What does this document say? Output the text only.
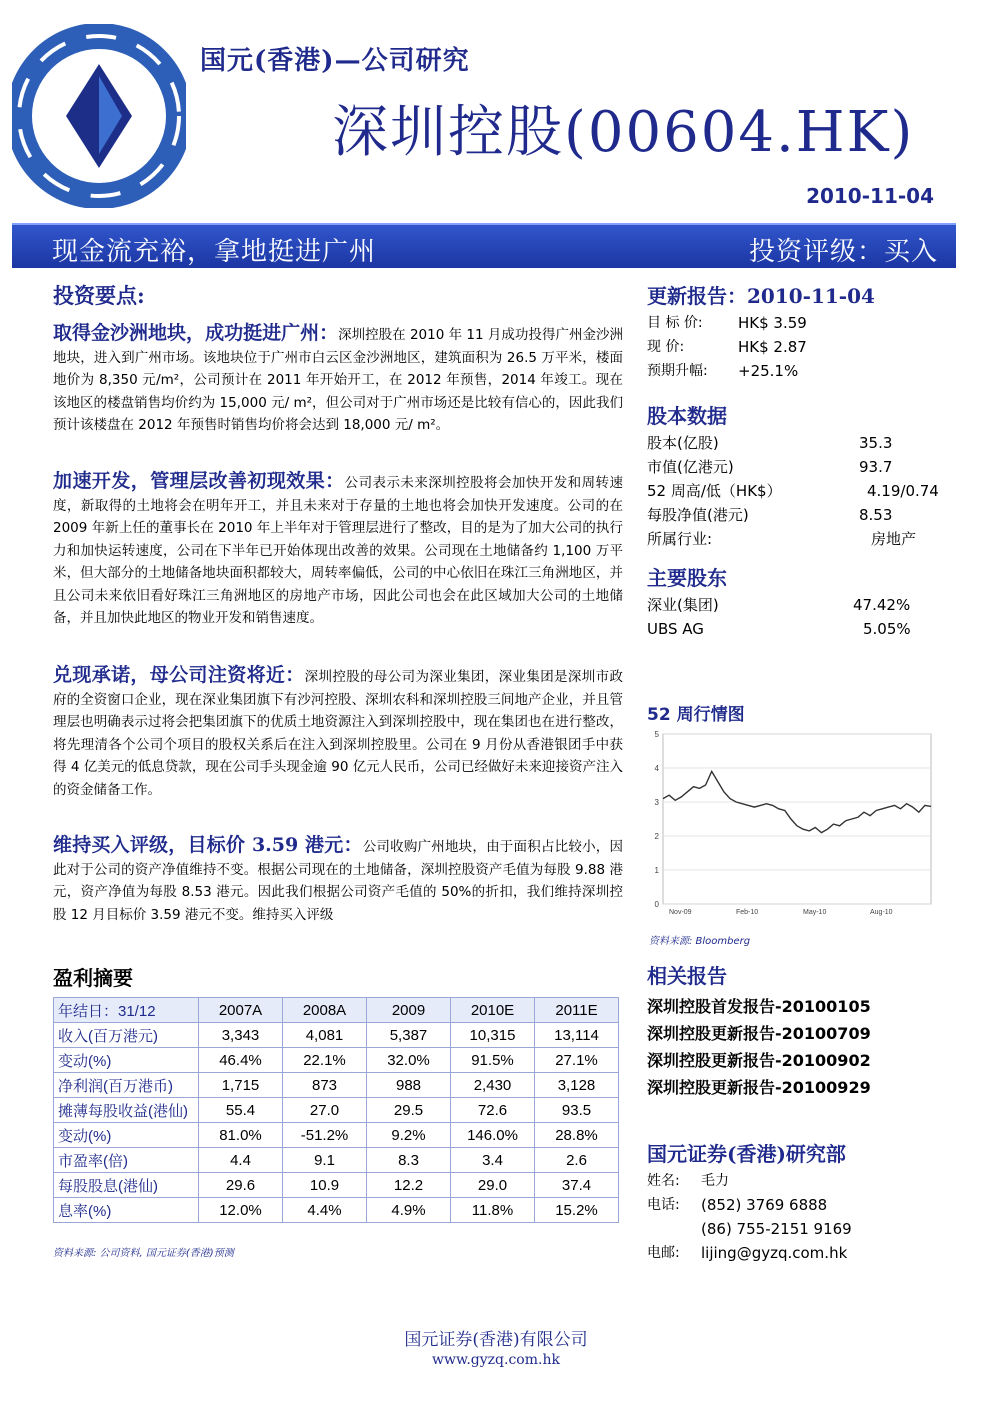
国元(香港)—公司研究
深圳控股(00604.HK)
2010-11-04
现金流充裕，拿地挺进广州	投资评级：买入
投资要点:
取得金沙洲地块，成功挺进广州：深圳控股在 2010 年 11 月成功投得广州金沙洲地块，进入到广州市场。该地块位于广州市白云区金沙洲地区，建筑面积为 26.5 万平米，楼面地价为 8,350 元/m²，公司预计在 2011 年开始开工，在 2012 年预售，2014 年竣工。现在该地区的楼盘销售均价约为 15,000 元/ m²，但公司对于广州市场还是比较有信心的，因此我们预计该楼盘在 2012 年预售时销售均价将会达到 18,000 元/ m²。
加速开发，管理层改善初现效果：公司表示未来深圳控股将会加快开发和周转速度，新取得的土地将会在明年开工，并且未来对于存量的土地也将会加快开发速度。公司的在 2009 年新上任的董事长在 2010 年上半年对于管理层进行了整改，目的是为了加大公司的执行力和加快运转速度，公司在下半年已开始体现出改善的效果。公司现在土地储备约 1,100 万平米，但大部分的土地储备地块面积都较大，周转率偏低，公司的中心依旧在珠江三角洲地区，并且公司未来依旧看好珠江三角洲地区的房地产市场，因此公司也会在此区域加大公司的土地储备，并且加快此地区的物业开发和销售速度。
兑现承诺，母公司注资将近：深圳控股的母公司为深业集团，深业集团是深圳市政府的全资窗口企业，现在深业集团旗下有沙河控股、深圳农科和深圳控股三间地产企业，并且管理层也明确表示过将会把集团旗下的优质土地资源注入到深圳控股中，现在集团也在进行整改，将先理清各个公司个项目的股权关系后在注入到深圳控股里。公司在 9 月份从香港银团手中获得 4 亿美元的低息贷款，现在公司手头现金逾 90 亿元人民币，公司已经做好未来迎接资产注入的资金储备工作。
维持买入评级，目标价 3.59 港元：公司收购广州地块，由于面积占比较小，因此对于公司的资产净值维持不变。根据公司现在的土地储备，深圳控股资产毛值为每股 9.88 港元，资产净值为每股 8.53 港元。因此我们根据公司资产毛值的 50%的折扣，我们维持深圳控股 12 月目标价 3.59 港元不变。维持买入评级
盈利摘要
年结日：31/12	2007A	2008A	2009	2010E	2011E
收入(百万港元)	3,343	4,081	5,387	10,315	13,114
变动(%)	46.4%	22.1%	32.0%	91.5%	27.1%
净利润(百万港币)	1,715	873	988	2,430	3,128
摊薄每股收益(港仙)	55.4	27.0	29.5	72.6	93.5
变动(%)	81.0%	-51.2%	9.2%	146.0%	28.8%
市盈率(倍)	4.4	9.1	8.3	3.4	2.6
每股股息(港仙)	29.6	10.9	12.2	29.0	37.4
息率(%)	12.0%	4.4%	4.9%	11.8%	15.2%
资料来源: 公司资料, 国元证券(香港)预测
更新报告：2010-11-04
目 标 价: HK$ 3.59
现 价:	HK$ 2.87
预期升幅: +25.1%
股本数据
股本(亿股)	35.3
市值(亿港元)	93.7
52 周高/低（HK$）	4.19/0.74
每股净值(港元)	8.53
所属行业:	房地产
主要股东
深业(集团)	47.42%
UBS AG	5.05%
52 周行情图
0
1
2
3
4
5
Nov-09	Feb-10	May-10	Aug-10
资料来源: Bloomberg
相关报告
深圳控股首发报告-20100105
深圳控股更新报告-20100709
深圳控股更新报告-20100902
深圳控股更新报告-20100929
国元证券(香港)研究部
姓名: 毛力
电话: (852) 3769 6888
(86) 755-2151 9169
电邮: lijing@gyzq.com.hk
国元证券(香港)有限公司
www.gyzq.com.hk
